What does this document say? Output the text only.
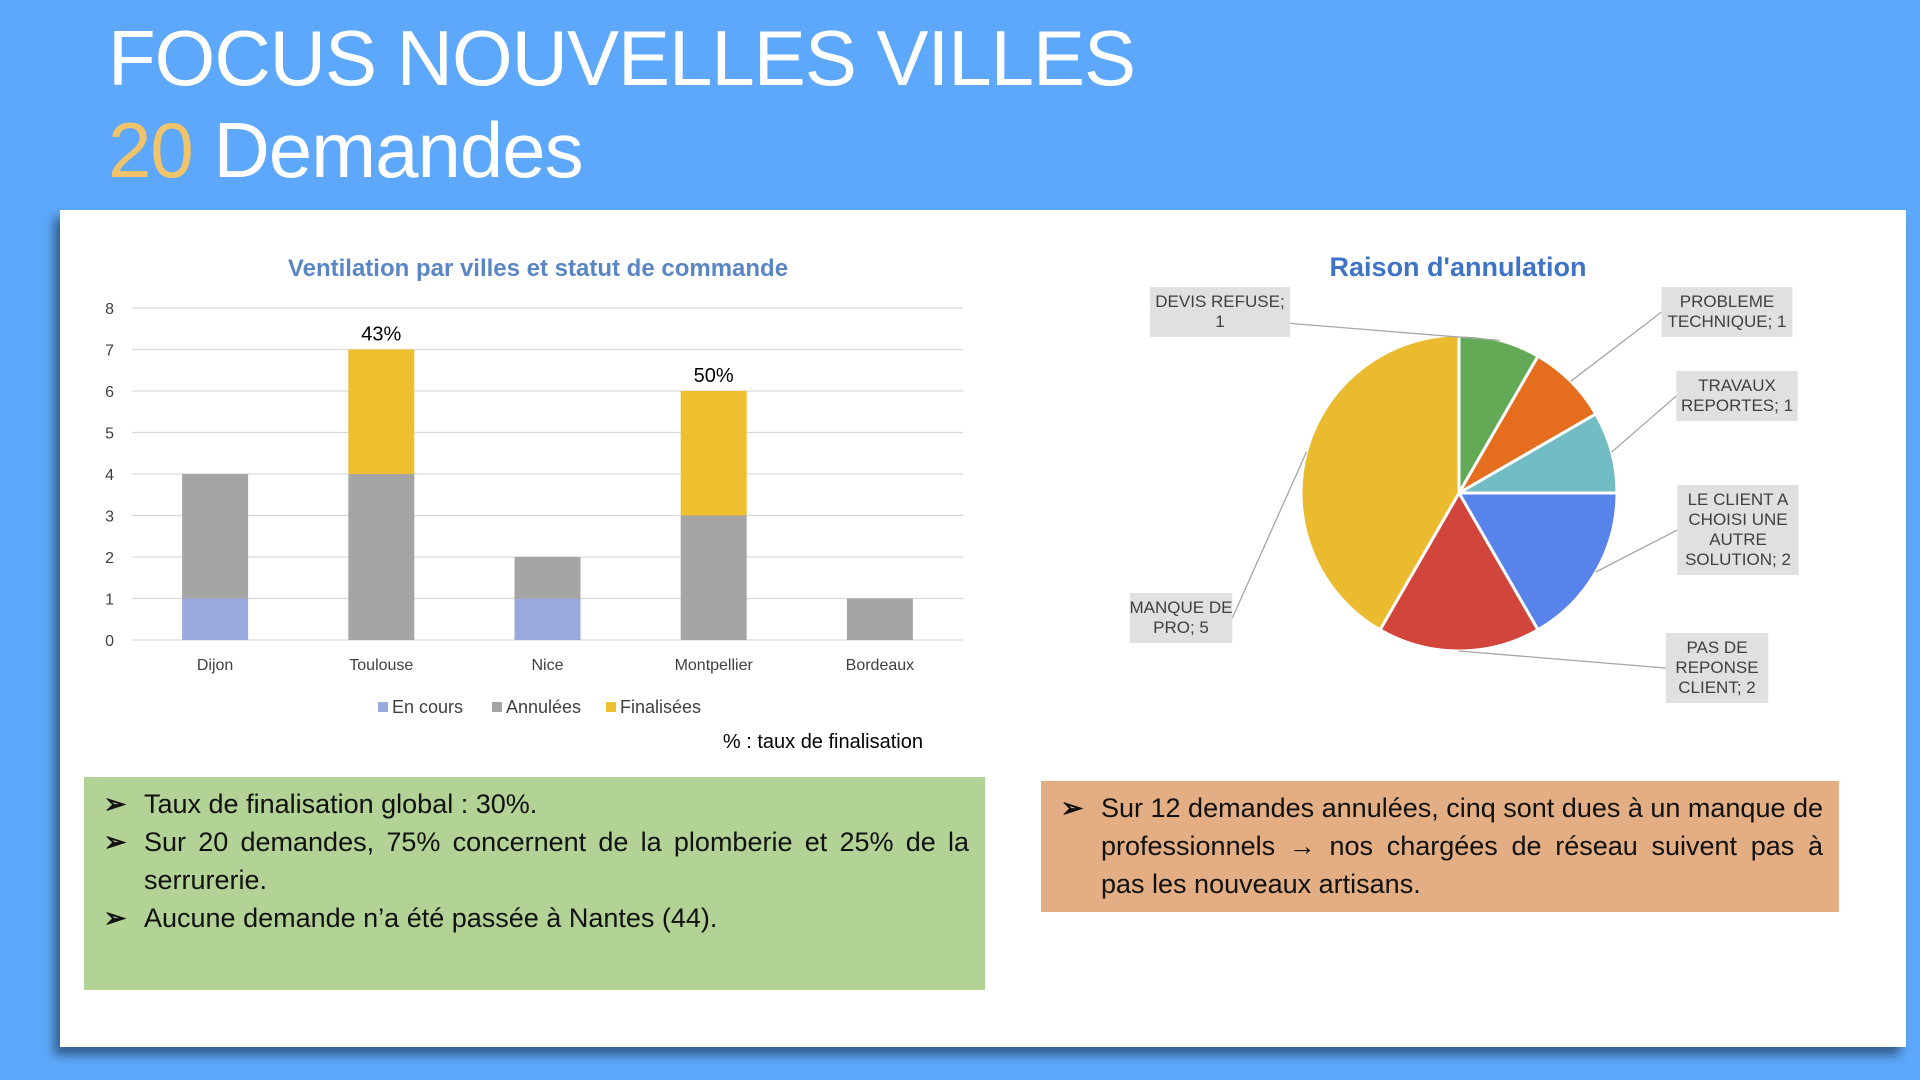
FOCUS NOUVELLES VILLES
20 Demandes
Ventilation par villes et statut de commande
0
1
2
3
4
5
6
7
8
43%
50%
Dijon	Toulouse	Nice	Montpellier	Bordeaux
En cours Annulées Finalisées
% : taux de finalisation
Raison d'annulation
DEVIS REFUSE;
1
PROBLEME
TECHNIQUE; 1
TRAVAUX
REPORTES; 1
LE CLIENT A
CHOISI UNE
AUTRE
SOLUTION; 2
PAS DE
REPONSE
CLIENT; 2
MANQUE DE
PRO; 5

➢ Taux de finalisation global : 30%.

➢ Sur 20 demandes, 75% concernent de la plomberie et 25% de la serrurerie.

➢ Aucune demande n’a été passée à Nantes (44).

➢ Sur 12 demandes annulées, cinq sont dues à un manque de professionnels → nos chargées de réseau suivent pas à pas les nouveaux artisans.
